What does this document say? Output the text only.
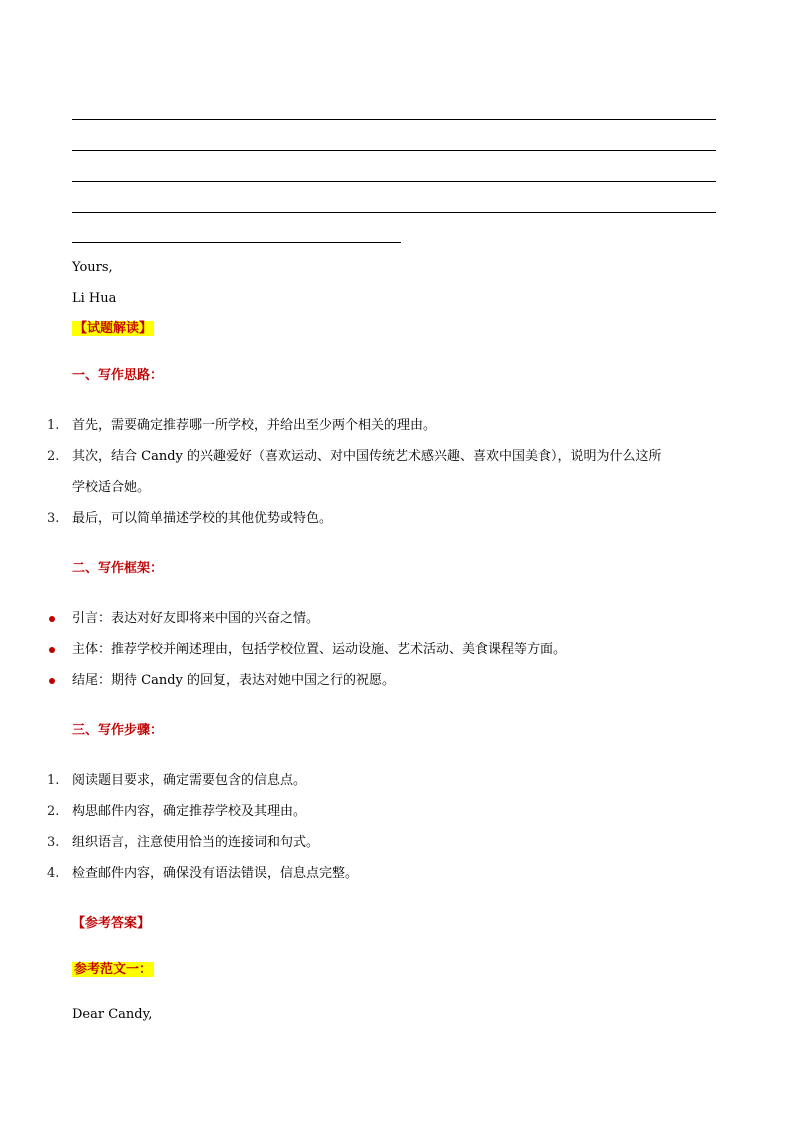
Yours,
Li Hua
【试题解读】
一、写作思路：
1. 首先，需要确定推荐哪一所学校，并给出至少两个相关的理由。
2. 其次，结合 Candy 的兴趣爱好（喜欢运动、对中国传统艺术感兴趣、喜欢中国美食），说明为什么这所
学校适合她。
3. 最后，可以简单描述学校的其他优势或特色。
二、写作框架：
引言：表达对好友即将来中国的兴奋之情。
主体：推荐学校并阐述理由，包括学校位置、运动设施、艺术活动、美食课程等方面。
结尾：期待 Candy 的回复，表达对她中国之行的祝愿。
三、写作步骤：
1. 阅读题目要求，确定需要包含的信息点。
2. 构思邮件内容，确定推荐学校及其理由。
3. 组织语言，注意使用恰当的连接词和句式。
4. 检查邮件内容，确保没有语法错误，信息点完整。
【参考答案】
参考范文一：
Dear Candy,
